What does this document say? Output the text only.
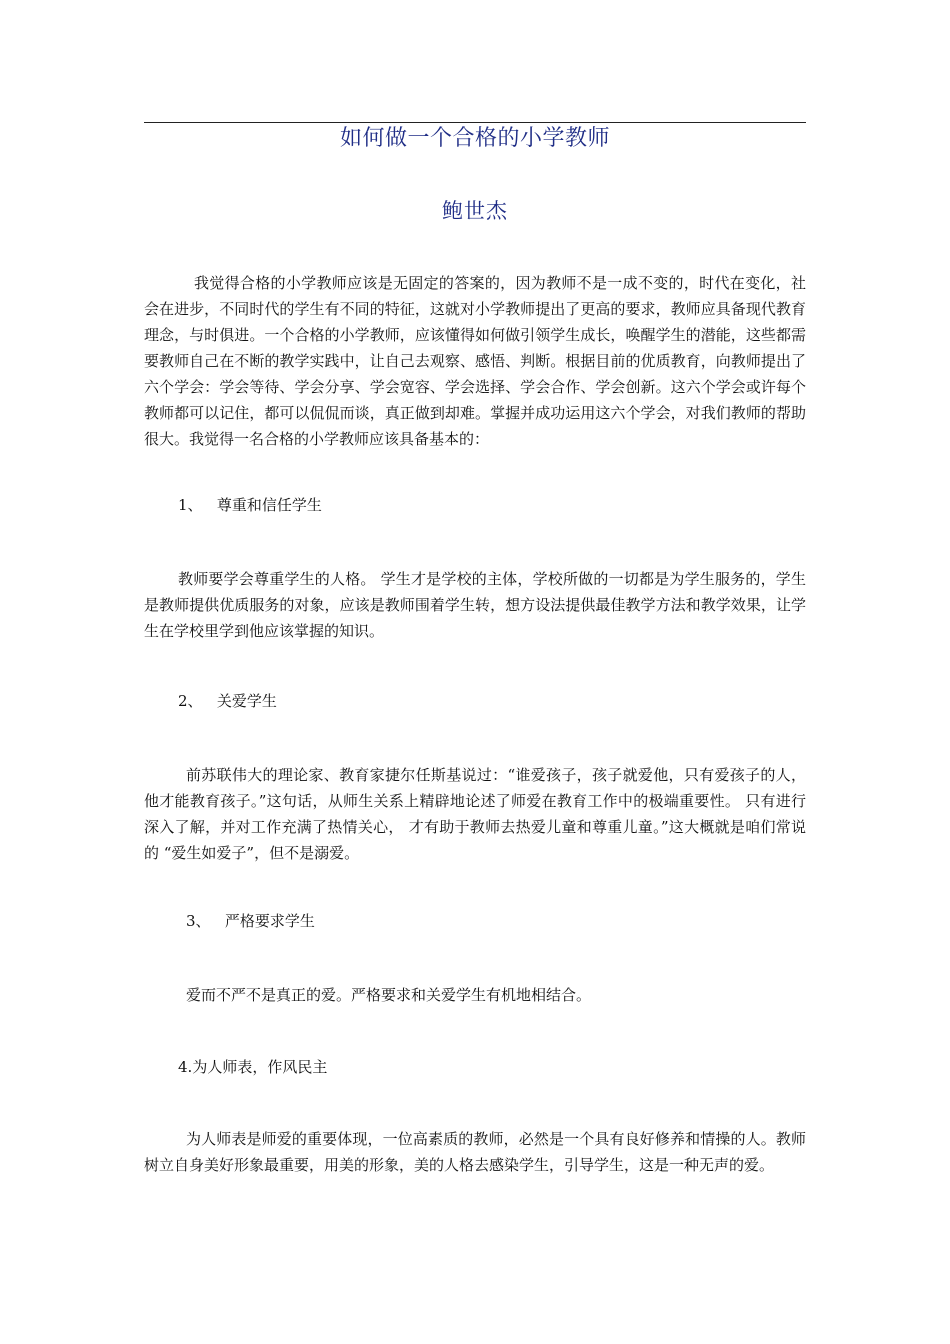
如何做一个合格的小学教师
鲍世杰

我觉得合格的小学教师应该是无固定的答案的，因为教师不是一成不变的，时代在变化，社会在进步，不同时代的学生有不同的特征，这就对小学教师提出了更高的要求，教师应具备现代教育理念，与时俱进。一个合格的小学教师，应该懂得如何做引领学生成长，唤醒学生的潜能，这些都需要教师自己在不断的教学实践中，让自己去观察、感悟、判断。根据目前的优质教育，向教师提出了六个学会：学会等待、学会分享、学会宽容、学会选择、学会合作、学会创新。这六个学会或许每个教师都可以记住，都可以侃侃而谈，真正做到却难。掌握并成功运用这六个学会，对我们教师的帮助很大。我觉得一名合格的小学教师应该具备基本的：

1、 尊重和信任学生

教师要学会尊重学生的人格。 学生才是学校的主体，学校所做的一切都是为学生服务的，学生是教师提供优质服务的对象，应该是教师围着学生转，想方设法提供最佳教学方法和教学效果，让学生在学校里学到他应该掌握的知识。

2、 关爱学生

前苏联伟大的理论家、教育家捷尔任斯基说过：“谁爱孩子，孩子就爱他，只有爱孩子的人，他才能教育孩子。”这句话，从师生关系上精辟地论述了师爱在教育工作中的极端重要性。 只有进行深入了解，并对工作充满了热情关心， 才有助于教师去热爱儿童和尊重儿童。”这大概就是咱们常说的 “爱生如爱子”，但不是溺爱。

3、 严格要求学生

爱而不严不是真正的爱。严格要求和关爱学生有机地相结合。

4.为人师表，作风民主

为人师表是师爱的重要体现，一位高素质的教师，必然是一个具有良好修养和情操的人。教师树立自身美好形象最重要，用美的形象，美的人格去感染学生，引导学生，这是一种无声的爱。
